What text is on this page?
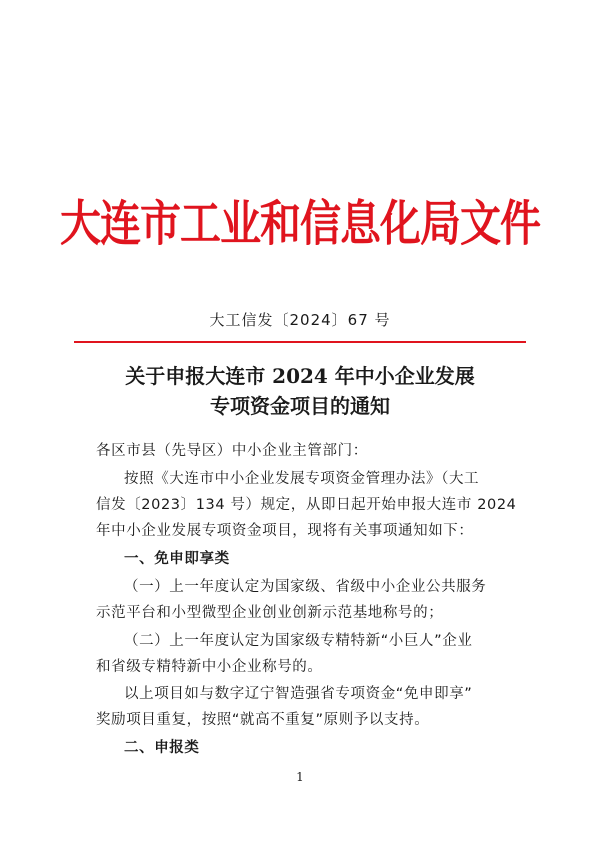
大连市工业和信息化局文件
大工信发〔2024〕67 号
关于申报大连市 2024 年中小企业发展
专项资金项目的通知
各区市县（先导区）中小企业主管部门：
按照《大连市中小企业发展专项资金管理办法》（大工
信发〔2023〕134 号）规定，从即日起开始申报大连市 2024
年中小企业发展专项资金项目，现将有关事项通知如下：
一、免申即享类
（一）上一年度认定为国家级、省级中小企业公共服务
示范平台和小型微型企业创业创新示范基地称号的；
（二）上一年度认定为国家级专精特新“小巨人”企业
和省级专精特新中小企业称号的。
以上项目如与数字辽宁智造强省专项资金“免申即享”
奖励项目重复，按照“就高不重复”原则予以支持。
二、申报类
1
